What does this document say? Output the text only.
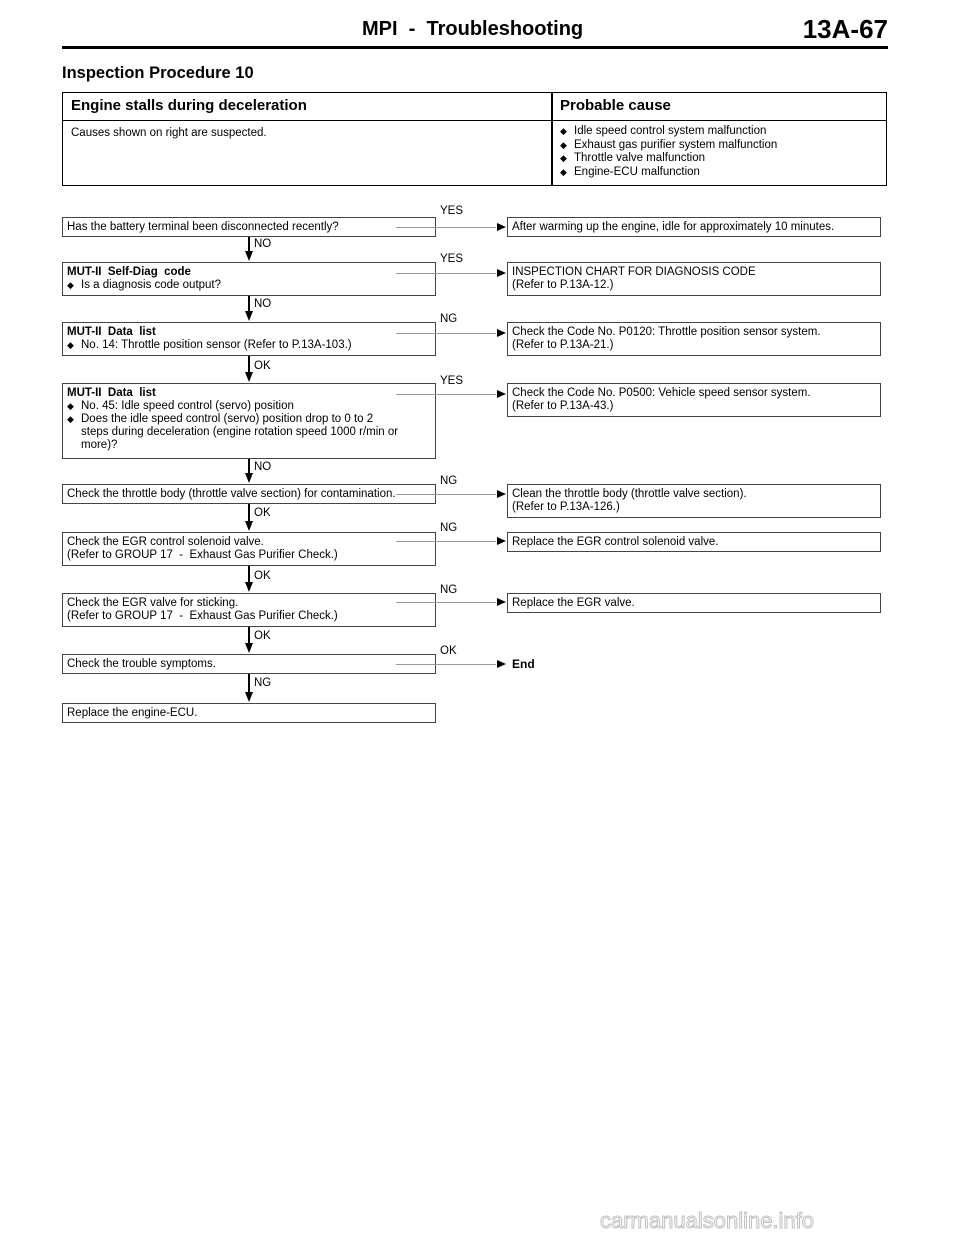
MPI - Troubleshooting	13A-67
Inspection Procedure 10
Engine stalls during deceleration	Probable cause
Causes shown on right are suspected.
◆	Idle speed control system malfunction
◆ Exhaust gas purifier system malfunction
◆ Throttle valve malfunction
◆ Engine-ECU malfunction
Has the battery terminal been disconnected recently?
YES
After warming up the engine, idle for approximately 10 minutes.
NO
MUT-II  Self-Diag  code

◆ Is a diagnosis code output?
YES
INSPECTION CHART FOR DIAGNOSIS CODE
(Refer to P.13A-12.)
NO
MUT-II  Data  list

◆ No. 14: Throttle position sensor (Refer to P.13A-103.)
NG
Check the Code No. P0120: Throttle position sensor system.
(Refer to P.13A-21.)
OK
MUT-II  Data  list

◆ No. 45: Idle speed control (servo) position
◆ Does the idle speed control (servo) position drop to 0 to 2
steps during deceleration (engine rotation speed 1000 r/min or
more)?
YES
Check the Code No. P0500: Vehicle speed sensor system.
(Refer to P.13A-43.)
NO
Check the throttle body (throttle valve section) for contamination.
NG
Clean the throttle body (throttle valve section).
(Refer to P.13A-126.)
OK
Check the EGR control solenoid valve.
(Refer to GROUP 17  -  Exhaust Gas Purifier Check.)
NG
Replace the EGR control solenoid valve.
OK
Check the EGR valve for sticking.
(Refer to GROUP 17  -  Exhaust Gas Purifier Check.)
NG
Replace the EGR valve.
OK
Check the trouble symptoms.
OK
End
NG
Replace the engine-ECU.
carmanualsonline.info
